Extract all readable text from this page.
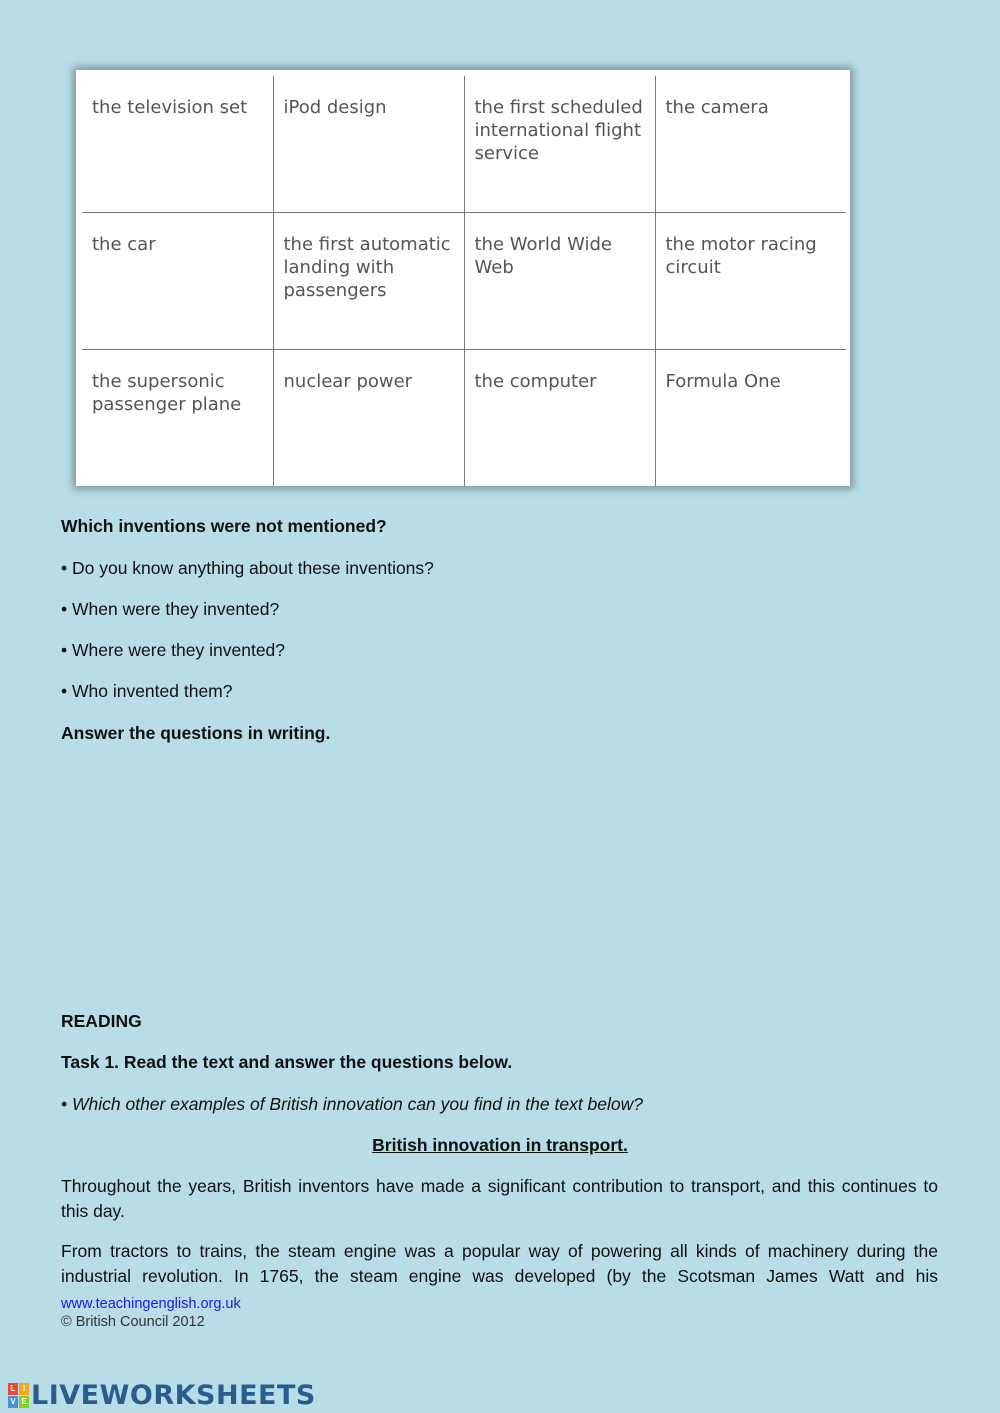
the television set	iPod design	the first scheduled international flight service	the camera
the car	the first automatic landing with passengers	the World Wide Web	the motor racing circuit
the supersonic passenger plane	nuclear power	the computer	Formula One

Which inventions were not mentioned?

• Do you know anything about these inventions?

• When were they invented?

• Where were they invented?

• Who invented them?

Answer the questions in writing.

READING

Task 1. Read the text and answer the questions below.

• Which other examples of British innovation can you find in the text below?

British innovation in transport.

Throughout the years, British inventors have made a significant contribution to transport, and this continues to this day.

From tractors to trains, the steam engine was a popular way of powering all kinds of machinery during the industrial revolution. In 1765, the steam engine was developed (by the Scotsman James Watt and his

www.teachingenglish.org.uk
© British Council 2012
L I
V E LIVEWORKSHEETS
